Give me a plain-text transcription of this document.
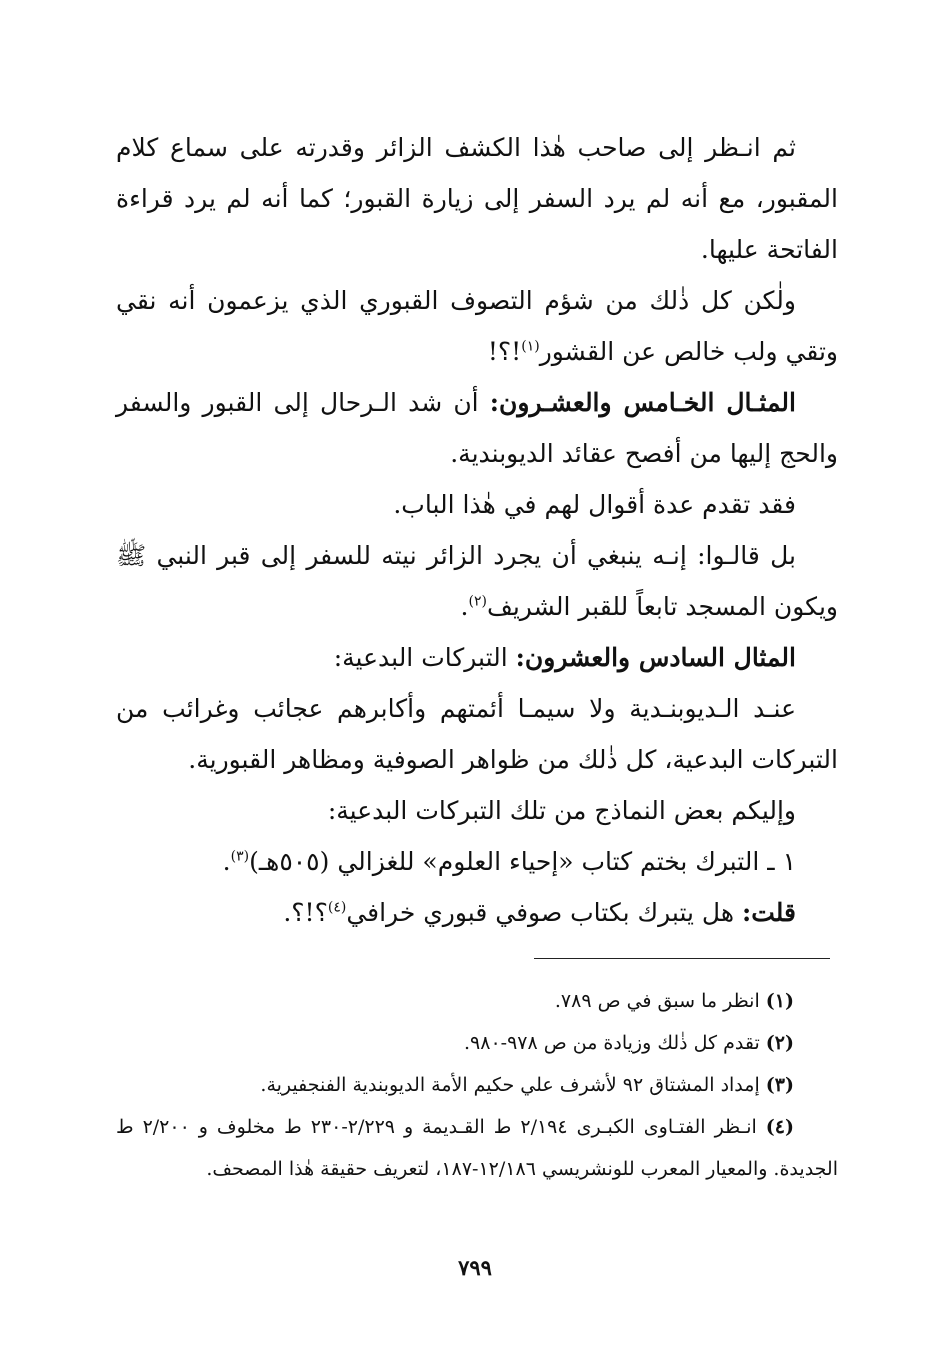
ثم انـظر إلى صاحب هٰذا الكشف الزائر وقدرته على سماع كلام المقبور، مع أنه لم يرد السفر إلى زيارة القبور؛ كما أنه لم يرد قراءة الفاتحة عليها.

ولٰكن كل ذٰلك من شؤم التصوف القبوري الذي يزعمون أنه نقي وتقي ولب خالص عن القشور$^{(١)}$!؟!

المثـال الخـامس والعشـرون: أن شد الـرحال إلى القبور والسفر والحج إليها من أفصح عقائد الديوبندية.

فقد تقدم عدة أقوال لهم في هٰذا الباب.

بل قالـوا: إنـه ينبغي أن يجرد الزائر نيته للسفر إلى قبر النبي ﷺ ويكون المسجد تابعاً للقبر الشريف$^{(٢)}$.

المثال السادس والعشرون: التبركات البدعية:

عنـد الـديوبنـدية ولا سيمـا أئمتهم وأكابرهم عجائب وغرائب من التبركات البدعية، كل ذٰلك من ظواهر الصوفية ومظاهر القبورية.

وإليكم بعض النماذج من تلك التبركات البدعية:

١ ـ التبرك بختم كتاب «إحياء العلوم» للغزالي (٥٠٥هـ)$^{(٣)}$.

قلت: هل يتبرك بكتاب صوفي قبوري خرافي$^{(٤)}$؟!؟.

(١) انظر ما سبق في ص ٧٨٩.

(٢) تقدم كل ذٰلك وزيادة من ص ٩٧٨-٩٨٠.

(٣) إمداد المشتاق ٩٢ لأشرف علي حكيم الأمة الديوبندية الفنجفيرية.

(٤) انـظر الفتـاوى الكبـرى ٢/١٩٤ ط القـديمة و ٢/٢٢٩-٢٣٠ ط مخلوف و ٢/٢٠٠ ط الجديدة. والمعيار المعرب للونشريسي ١٢/١٨٦-١٨٧، لتعريف حقيقة هٰذا المصحف.

٧٩٩
